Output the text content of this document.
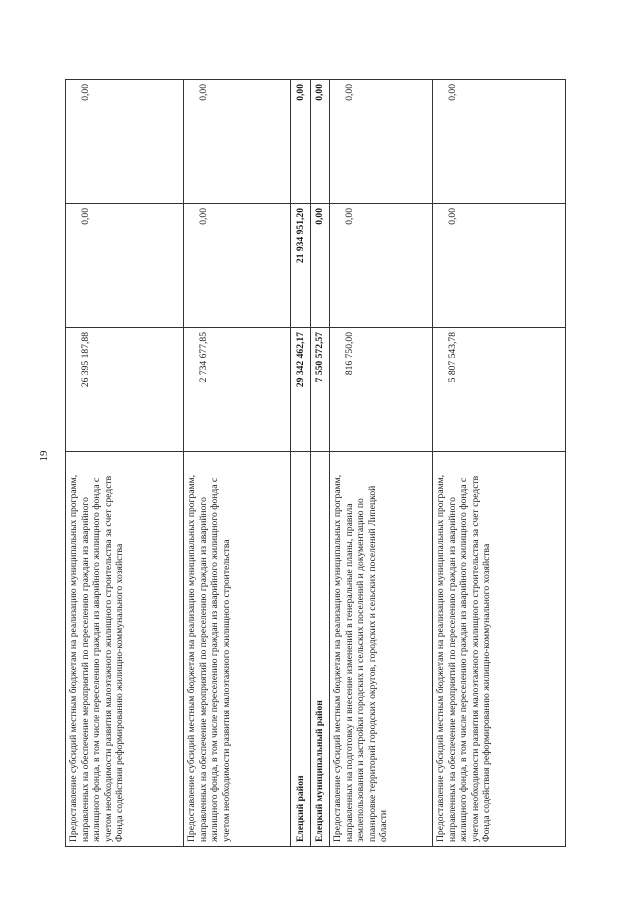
19
Предоставление субсидий местным бюджетам на реализацию муниципальных программ, направленных на обеспечение мероприятий по переселению граждан из аварийного жилищного фонда, в том числе переселению граждан из аварийного жилищного фонда с учетом необходимости развития малоэтажного жилищного строительства за счет средств Фонда содействия реформированию жилищно-коммунального хозяйства	26 395 187,88	0,00	0,00
Предоставление субсидий местным бюджетам на реализацию муниципальных программ, направленных на обеспечение мероприятий по переселению граждан из аварийного жилищного фонда, в том числе переселению граждан из аварийного жилищного фонда с учетом необходимости развития малоэтажного жилищного строительства	2 734 677,85	0,00	0,00
Елецкий район	29 342 462,17	21 934 951,20	0,00
Елецкий муниципальный район	7 550 572,57	0,00	0,00
Предоставление субсидий местным бюджетам на реализацию муниципальных программ, направленных на подготовку и внесение изменений в генеральные планы, правила землепользования и застройки городских и сельских поселений и документацию по планировке территорий городских округов, городских и сельских поселений Липецкой области	816 750,00	0,00	0,00
Предоставление субсидий местным бюджетам на реализацию муниципальных программ, направленных на обеспечение мероприятий по переселению граждан из аварийного жилищного фонда, в том числе переселению граждан из аварийного жилищного фонда с учетом необходимости развития малоэтажного жилищного строительства за счет средств Фонда содействия реформированию жилищно-коммунального хозяйства	5 807 543,78	0,00	0,00
